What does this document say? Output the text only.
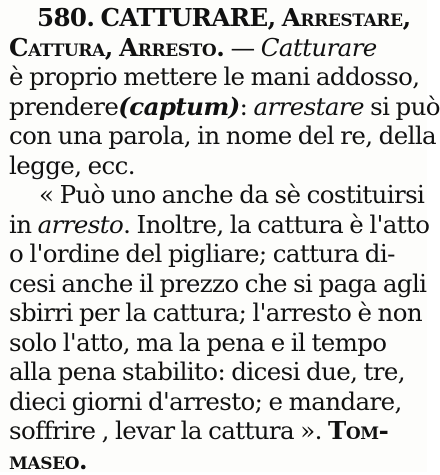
580. CATTURARE, Arrestare,
Cattura, Arresto. — Catturare
è proprio mettere le mani addosso,
prendere(captum): arrestare si può
con una parola, in nome del re, della
legge, ecc.
« Può uno anche da sè costituirsi
in arresto. Inoltre, la cattura è l'atto
o l'ordine del pigliare; cattura di-
cesi anche il prezzo che si paga agli
sbirri per la cattura; l'arresto è non
solo l'atto, ma la pena e il tempo
alla pena stabilito: dicesi due, tre,
dieci giorni d'arresto; e mandare,
soffrire , levar la cattura ». Tom-
maseo.
